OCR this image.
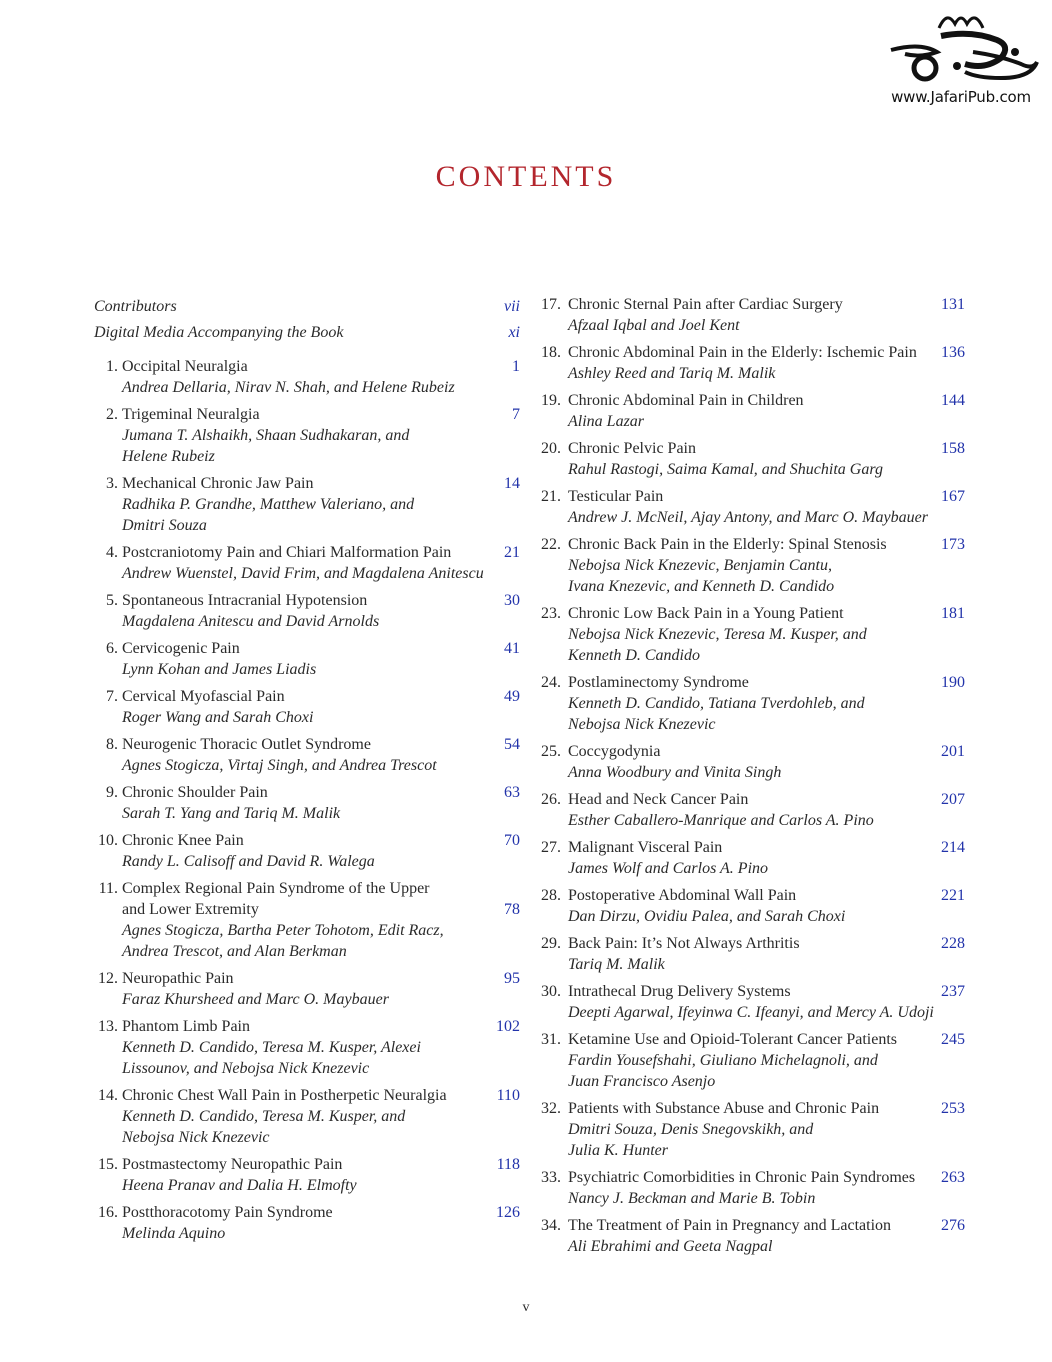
www.JafariPub.com
CONTENTS
Contributors	vii
Digital Media Accompanying the Book	xi
1. Occipital Neuralgia
Andrea Dellaria, Nirav N. Shah, and Helene Rubeiz
1
2. Trigeminal Neuralgia
Jumana T. Alshaikh, Shaan Sudhakaran, and
Helene Rubeiz
7
3. Mechanical Chronic Jaw Pain
Radhika P. Grandhe, Matthew Valeriano, and
Dmitri Souza
14
4. Postcraniotomy Pain and Chiari Malformation Pain
Andrew Wuenstel, David Frim, and Magdalena Anitescu
21
5. Spontaneous Intracranial Hypotension
Magdalena Anitescu and David Arnolds
30
6. Cervicogenic Pain
Lynn Kohan and James Liadis
41
7. Cervical Myofascial Pain
Roger Wang and Sarah Choxi
49
8. Neurogenic Thoracic Outlet Syndrome
Agnes Stogicza, Virtaj Singh, and Andrea Trescot
54
9. Chronic Shoulder Pain
Sarah T. Yang and Tariq M. Malik
63
10. Chronic Knee Pain
Randy L. Calisoff and David R. Walega
70
11. Complex Regional Pain Syndrome of the Upper
and Lower Extremity
Agnes Stogicza, Bartha Peter Tohotom, Edit Racz,
Andrea Trescot, and Alan Berkman
78
12. Neuropathic Pain
Faraz Khursheed and Marc O. Maybauer
95
13. Phantom Limb Pain
Kenneth D. Candido, Teresa M. Kusper, Alexei
Lissounov, and Nebojsa Nick Knezevic
102
14. Chronic Chest Wall Pain in Postherpetic Neuralgia
Kenneth D. Candido, Teresa M. Kusper, and
Nebojsa Nick Knezevic
110
15. Postmastectomy Neuropathic Pain
Heena Pranav and Dalia H. Elmofty
118
16. Postthoracotomy Pain Syndrome
Melinda Aquino
126
17. Chronic Sternal Pain after Cardiac Surgery
Afzaal Iqbal and Joel Kent
131
18. Chronic Abdominal Pain in the Elderly: Ischemic Pain
Ashley Reed and Tariq M. Malik
136
19. Chronic Abdominal Pain in Children
Alina Lazar
144
20. Chronic Pelvic Pain
Rahul Rastogi, Saima Kamal, and Shuchita Garg
158
21. Testicular Pain
Andrew J. McNeil, Ajay Antony, and Marc O. Maybauer
167
22. Chronic Back Pain in the Elderly: Spinal Stenosis
Nebojsa Nick Knezevic, Benjamin Cantu,
Ivana Knezevic, and Kenneth D. Candido
173
23. Chronic Low Back Pain in a Young Patient
Nebojsa Nick Knezevic, Teresa M. Kusper, and
Kenneth D. Candido
181
24. Postlaminectomy Syndrome
Kenneth D. Candido, Tatiana Tverdohleb, and
Nebojsa Nick Knezevic
190
25. Coccygodynia
Anna Woodbury and Vinita Singh
201
26. Head and Neck Cancer Pain
Esther Caballero-Manrique and Carlos A. Pino
207
27. Malignant Visceral Pain
James Wolf and Carlos A. Pino
214
28. Postoperative Abdominal Wall Pain
Dan Dirzu, Ovidiu Palea, and Sarah Choxi
221
29. Back Pain: It’s Not Always Arthritis
Tariq M. Malik
228
30. Intrathecal Drug Delivery Systems
Deepti Agarwal, Ifeyinwa C. Ifeanyi, and Mercy A. Udoji
237
31. Ketamine Use and Opioid-Tolerant Cancer Patients
Fardin Yousefshahi, Giuliano Michelagnoli, and
Juan Francisco Asenjo
245
32. Patients with Substance Abuse and Chronic Pain
Dmitri Souza, Denis Snegovskikh, and
Julia K. Hunter
253
33. Psychiatric Comorbidities in Chronic Pain Syndromes
Nancy J. Beckman and Marie B. Tobin
263
34. The Treatment of Pain in Pregnancy and Lactation
Ali Ebrahimi and Geeta Nagpal
276
v
